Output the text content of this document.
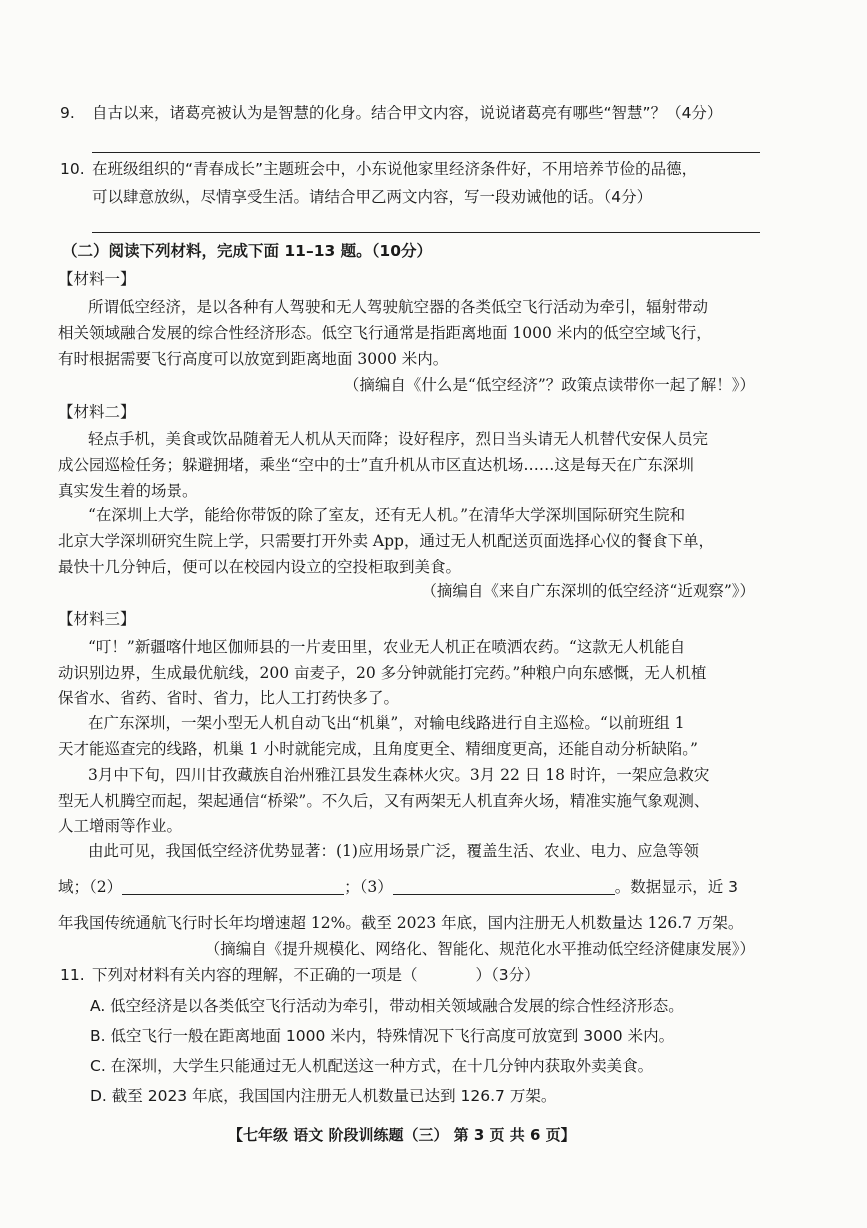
9. 自古以来，诸葛亮被认为是智慧的化身。结合甲文内容，说说诸葛亮有哪些“智慧”？（4分）
10. 在班级组织的“青春成长”主题班会中，小东说他家里经济条件好，不用培养节俭的品德，
可以肆意放纵，尽情享受生活。请结合甲乙两文内容，写一段劝诫他的话。（4分）
（二）阅读下列材料，完成下面 11–13 题。（10分）
【材料一】
所谓低空经济，是以各种有人驾驶和无人驾驶航空器的各类低空飞行活动为牵引，辐射带动
相关领域融合发展的综合性经济形态。低空飞行通常是指距离地面 1000 米内的低空空域飞行，
有时根据需要飞行高度可以放宽到距离地面 3000 米内。
（摘编自《什么是“低空经济”？政策点读带你一起了解！》）
【材料二】
轻点手机，美食或饮品随着无人机从天而降；设好程序，烈日当头请无人机替代安保人员完
成公园巡检任务；躲避拥堵，乘坐“空中的士”直升机从市区直达机场……这是每天在广东深圳
真实发生着的场景。
“在深圳上大学，能给你带饭的除了室友，还有无人机。”在清华大学深圳国际研究生院和
北京大学深圳研究生院上学，只需要打开外卖 App，通过无人机配送页面选择心仪的餐食下单，
最快十几分钟后，便可以在校园内设立的空投柜取到美食。
（摘编自《来自广东深圳的低空经济“近观察”》）
【材料三】
“叮！”新疆喀什地区伽师县的一片麦田里，农业无人机正在喷洒农药。“这款无人机能自
动识别边界，生成最优航线，200 亩麦子，20 多分钟就能打完药。”种粮户向东感慨，无人机植
保省水、省药、省时、省力，比人工打药快多了。
在广东深圳，一架小型无人机自动飞出“机巢”，对输电线路进行自主巡检。“以前班组 1
天才能巡查完的线路，机巢 1 小时就能完成，且角度更全、精细度更高，还能自动分析缺陷。”
3月中下旬，四川甘孜藏族自治州雅江县发生森林火灾。3月 22 日 18 时许，一架应急救灾
型无人机腾空而起，架起通信“桥梁”。不久后，又有两架无人机直奔火场，精准实施气象观测、
人工增雨等作业。
由此可见，我国低空经济优势显著：(1)应用场景广泛，覆盖生活、农业、电力、应急等领
域；（2）	；（3）	。数据显示，近 3
年我国传统通航飞行时长年均增速超 12%。截至 2023 年底，国内注册无人机数量达 126.7 万架。
（摘编自《提升规模化、网络化、智能化、规范化水平推动低空经济健康发展》）
11. 下列对材料有关内容的理解，不正确的一项是（	）（3分）
A. 低空经济是以各类低空飞行活动为牵引，带动相关领域融合发展的综合性经济形态。
B. 低空飞行一般在距离地面 1000 米内，特殊情况下飞行高度可放宽到 3000 米内。
C. 在深圳，大学生只能通过无人机配送这一种方式，在十几分钟内获取外卖美食。
D. 截至 2023 年底，我国国内注册无人机数量已达到 126.7 万架。
【七年级 语文 阶段训练题（三） 第 3 页 共 6 页】
